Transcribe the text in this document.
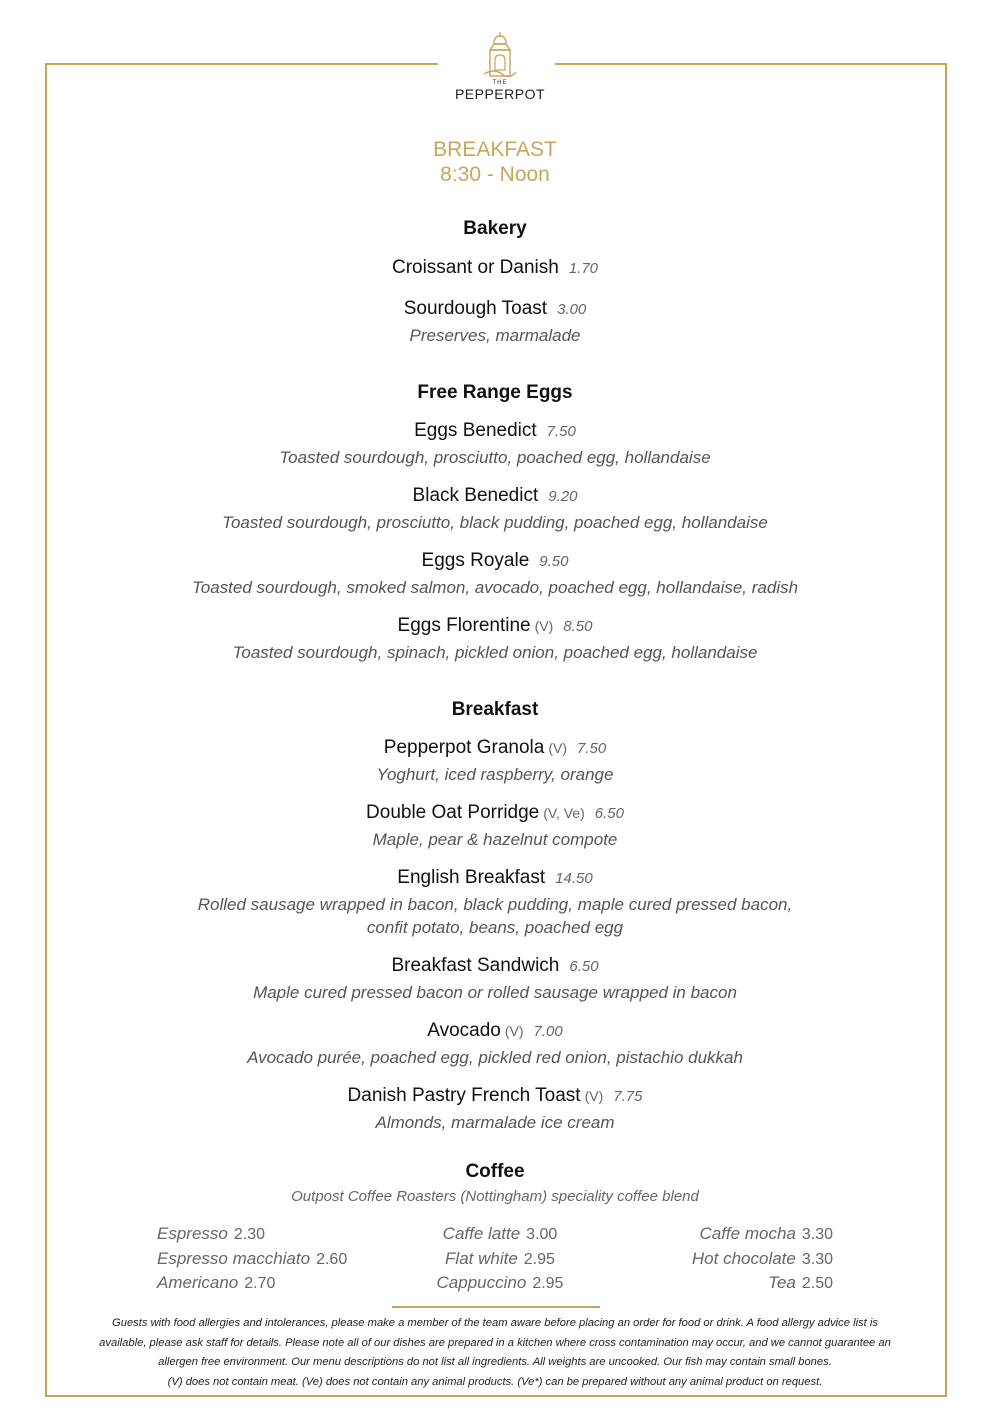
THE
PEPPERPOT
BREAKFAST
8:30 - Noon
Bakery
Croissant or Danish 1.70
Sourdough Toast 3.00
Preserves, marmalade
Free Range Eggs
Eggs Benedict 7.50
Toasted sourdough, prosciutto, poached egg, hollandaise
Black Benedict 9.20
Toasted sourdough, prosciutto, black pudding, poached egg, hollandaise
Eggs Royale 9.50
Toasted sourdough, smoked salmon, avocado, poached egg, hollandaise, radish
Eggs Florentine (V) 8.50
Toasted sourdough, spinach, pickled onion, poached egg, hollandaise
Breakfast
Pepperpot Granola (V) 7.50
Yoghurt, iced raspberry, orange
Double Oat Porridge (V, Ve) 6.50
Maple, pear & hazelnut compote
English Breakfast 14.50
Rolled sausage wrapped in bacon, black pudding, maple cured pressed bacon,
confit potato, beans, poached egg
Breakfast Sandwich 6.50
Maple cured pressed bacon or rolled sausage wrapped in bacon
Avocado (V) 7.00
Avocado purée, poached egg, pickled red onion, pistachio dukkah
Danish Pastry French Toast (V) 7.75
Almonds, marmalade ice cream
Coffee
Outpost Coffee Roasters (Nottingham) speciality coffee blend
Espresso 2.30
Espresso macchiato 2.60
Americano 2.70
Caffe latte 3.00
Flat white 2.95
Cappuccino 2.95
Caffe mocha 3.30
Hot chocolate 3.30
Tea 2.50
Guests with food allergies and intolerances, please make a member of the team aware before placing an order for food or drink. A food allergy advice list is
available, please ask staff for details. Please note all of our dishes are prepared in a kitchen where cross contamination may occur, and we cannot guarantee an
allergen free environment. Our menu descriptions do not list all ingredients. All weights are uncooked. Our fish may contain small bones.
(V) does not contain meat. (Ve) does not contain any animal products. (Ve*) can be prepared without any animal product on request.
